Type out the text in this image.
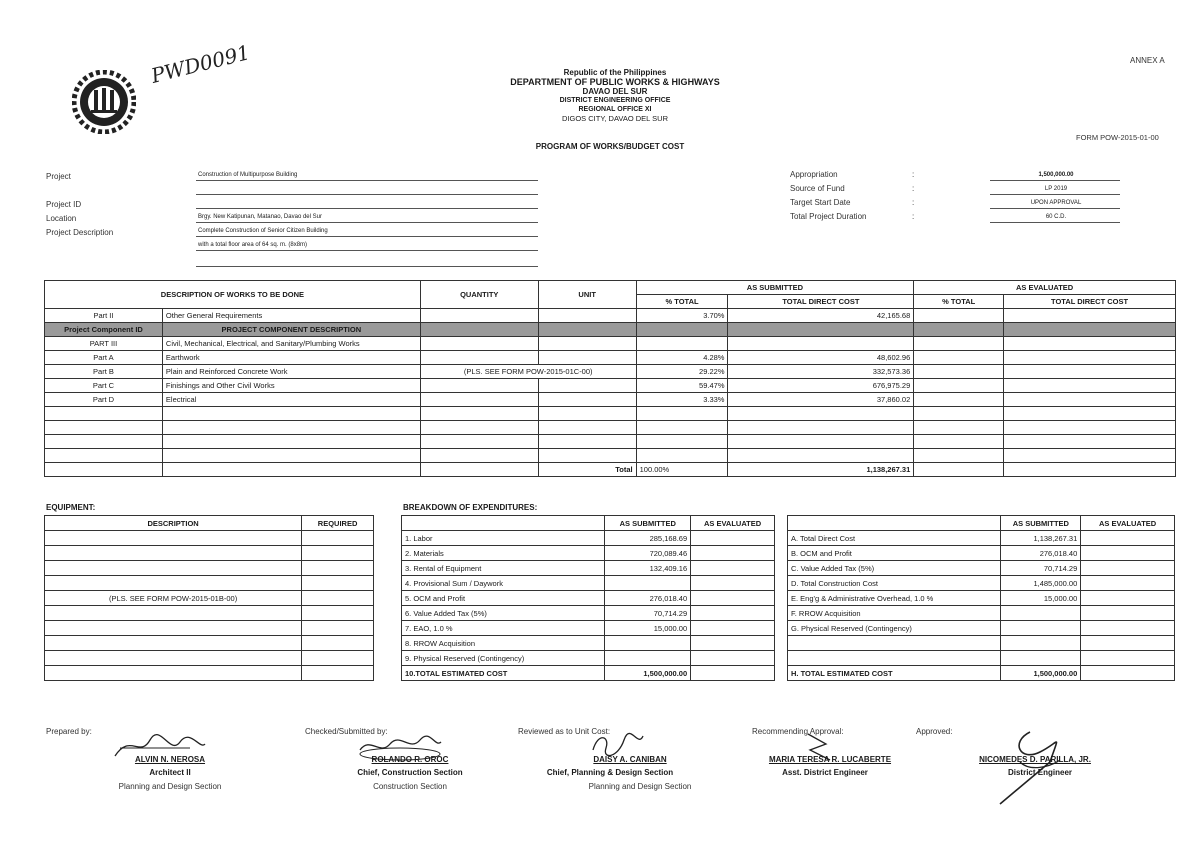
PWD0091	Republic of the Philippines
DEPARTMENT OF PUBLIC WORKS & HIGHWAYS
DAVAO DEL SUR
DISTRICT ENGINEERING OFFICE
REGIONAL OFFICE XI
DIGOS CITY, DAVAO DEL SUR
PROGRAM OF WORKS/BUDGET COST
ANNEX A
FORM POW-2015-01-00
Project	Construction of Multipurpose Building
Project ID
Location	Brgy. New Katipunan, Matanao, Davao del Sur
Project Description	Complete Construction of Senior Citizen Building
with a total floor area of 64 sq. m. (8x8m)
Appropriation	:	1,500,000.00
Source of Fund	:	LP 2019
Target Start Date	:	UPON APPROVAL
Total Project Duration	:	60 C.D.
DESCRIPTION OF WORKS TO BE DONE		QUANTITY	UNIT	AS SUBMITTED		AS EVALUATED	
				% TOTAL	TOTAL DIRECT COST	% TOTAL	TOTAL DIRECT COST
Part II	Other General Requirements			3.70%	42,165.68		
Project Component ID	PROJECT COMPONENT DESCRIPTION						
PART III	Civil, Mechanical, Electrical, and Sanitary/Plumbing Works						
Part A	Earthwork			4.28%	48,602.96		
Part B	Plain and Reinforced Concrete Work	(PLS. SEE FORM POW-2015-01C-00)		29.22%	332,573.36		
Part C	Finishings and Other Civil Works			59.47%	676,975.29		
Part D	Electrical			3.33%	37,860.02		

			Total	100.00%	1,138,267.31		
EQUIPMENT:
DESCRIPTION	REQUIRED

(PLS. SEE FORM POW-2015-01B-00)	

BREAKDOWN OF EXPENDITURES:
	AS SUBMITTED	AS EVALUATED
1. Labor	285,168.69	
2. Materials	720,089.46	
3. Rental of Equipment	132,409.16	
4. Provisional Sum / Daywork		
5. OCM and Profit	276,018.40	
6. Value Added Tax (5%)	70,714.29	
7. EAO, 1.0 %	15,000.00	
8. RROW Acquisition		
9. Physical Reserved (Contingency)		
10.TOTAL ESTIMATED COST	1,500,000.00	
	AS SUBMITTED	AS EVALUATED
A. Total Direct Cost	1,138,267.31	
B. OCM and Profit	276,018.40	
C. Value Added Tax (5%)	70,714.29	
D. Total Construction Cost	1,485,000.00	
E. Eng'g & Administrative Overhead, 1.0 %	15,000.00	
F. RROW Acquisition		
G. Physical Reserved (Contingency)		

H. TOTAL ESTIMATED COST	1,500,000.00	
Prepared by:
ALVIN N. NEROSA
Architect II
Planning and Design Section
Checked/Submitted by:
ROLANDO R. OROC
Chief, Construction Section
Construction Section
Reviewed as to Unit Cost:
DAISY A. CANIBAN
Chief, Planning & Design Section
Planning and Design Section
Recommending Approval:
MARIA TERESA R. LUCABERTE
Asst. District Engineer
Approved:
NICOMEDES D. PARILLA, JR.
District Engineer
